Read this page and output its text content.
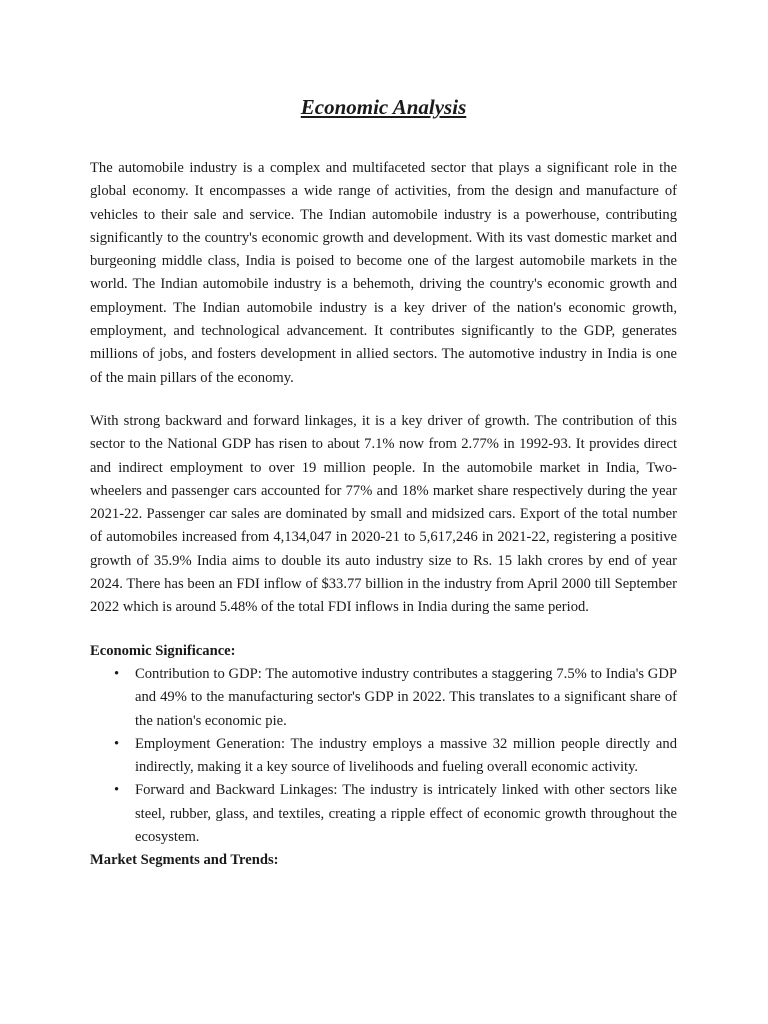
Economic Analysis

The automobile industry is a complex and multifaceted sector that plays a significant role in the global economy. It encompasses a wide range of activities, from the design and manufacture of vehicles to their sale and service. The Indian automobile industry is a powerhouse, contributing significantly to the country's economic growth and development. With its vast domestic market and burgeoning middle class, India is poised to become one of the largest automobile markets in the world. The Indian automobile industry is a behemoth, driving the country's economic growth and employment. The Indian automobile industry is a key driver of the nation's economic growth, employment, and technological advancement. It contributes significantly to the GDP, generates millions of jobs, and fosters development in allied sectors. The automotive industry in India is one of the main pillars of the economy.

With strong backward and forward linkages, it is a key driver of growth. The contribution of this sector to the National GDP has risen to about 7.1% now from 2.77% in 1992-93. It provides direct and indirect employment to over 19 million people. In the automobile market in India, Two-wheelers and passenger cars accounted for 77% and 18% market share respectively during the year 2021-22. Passenger car sales are dominated by small and midsized cars. Export of the total number of automobiles increased from 4,134,047 in 2020-21 to 5,617,246 in 2021-22, registering a positive growth of 35.9% India aims to double its auto industry size to Rs. 15 lakh crores by end of year 2024. There has been an FDI inflow of $33.77 billion in the industry from April 2000 till September 2022 which is around 5.48% of the total FDI inflows in India during the same period.

Economic Significance:

• Contribution to GDP: The automotive industry contributes a staggering 7.5% to India's GDP and 49% to the manufacturing sector's GDP in 2022. This translates to a significant share of the nation's economic pie.
• Employment Generation: The industry employs a massive 32 million people directly and indirectly, making it a key source of livelihoods and fueling overall economic activity.
• Forward and Backward Linkages: The industry is intricately linked with other sectors like steel, rubber, glass, and textiles, creating a ripple effect of economic growth throughout the ecosystem.

Market Segments and Trends:
